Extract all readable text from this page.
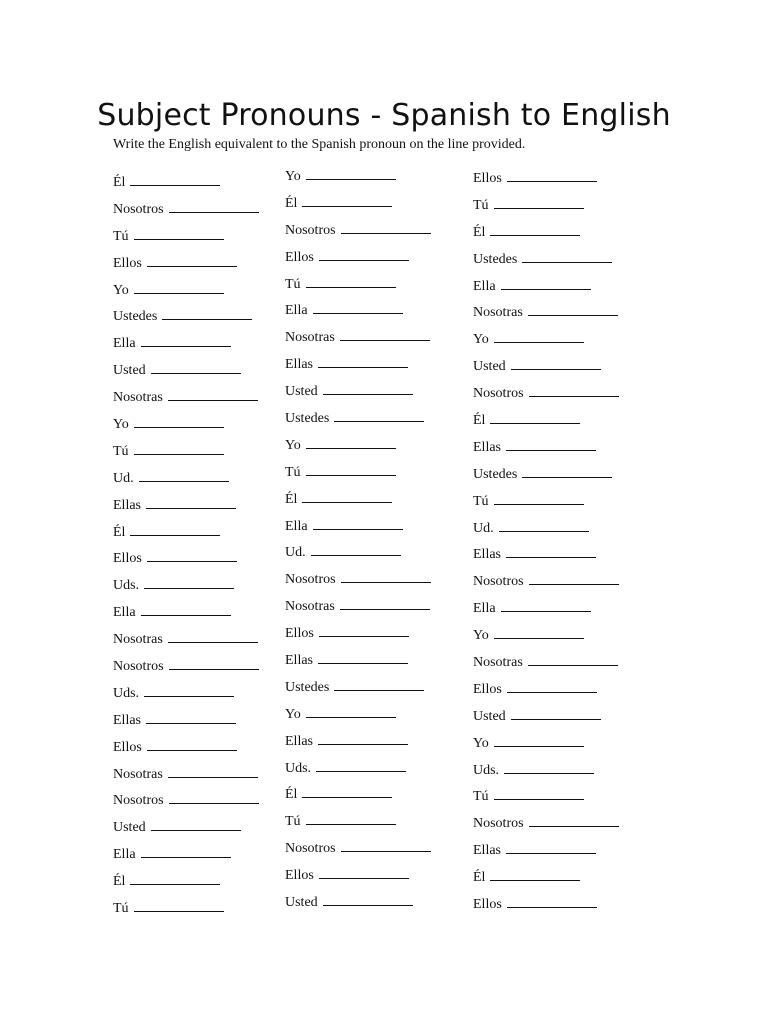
Subject Pronouns - Spanish to English

Write the English equivalent to the Spanish pronoun on the line provided.

Él
Nosotros
Tú
Ellos
Yo
Ustedes
Ella
Usted
Nosotras
Yo
Tú
Ud.
Ellas
Él
Ellos
Uds.
Ella
Nosotras
Nosotros
Uds.
Ellas
Ellos
Nosotras
Nosotros
Usted
Ella
Él
Tú
Yo
Él
Nosotros
Ellos
Tú
Ella
Nosotras
Ellas
Usted
Ustedes
Yo
Tú
Él
Ella
Ud.
Nosotros
Nosotras
Ellos
Ellas
Ustedes
Yo
Ellas
Uds.
Él
Tú
Nosotros
Ellos
Usted
Ellos
Tú
Él
Ustedes
Ella
Nosotras
Yo
Usted
Nosotros
Él
Ellas
Ustedes
Tú
Ud.
Ellas
Nosotros
Ella
Yo
Nosotras
Ellos
Usted
Yo
Uds.
Tú
Nosotros
Ellas
Él
Ellos
